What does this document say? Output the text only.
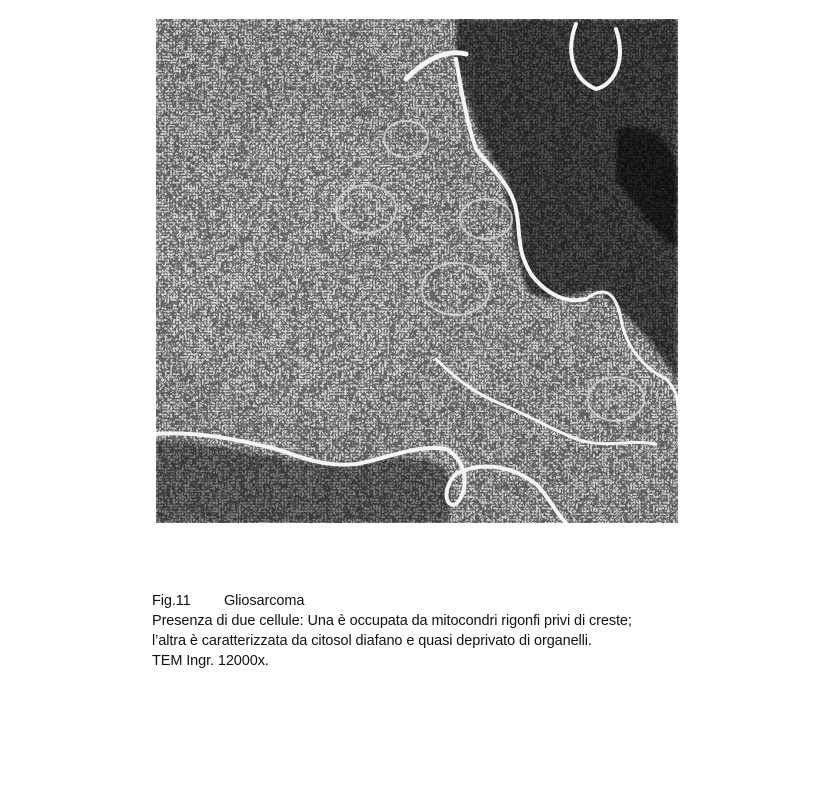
Fig.11	Gliosarcoma
Presenza di due cellule: Una è occupata da mitocondri rigonfi privi di creste;
l’altra è caratterizzata da citosol diafano e quasi deprivato di organelli.
TEM Ingr. 12000x.
